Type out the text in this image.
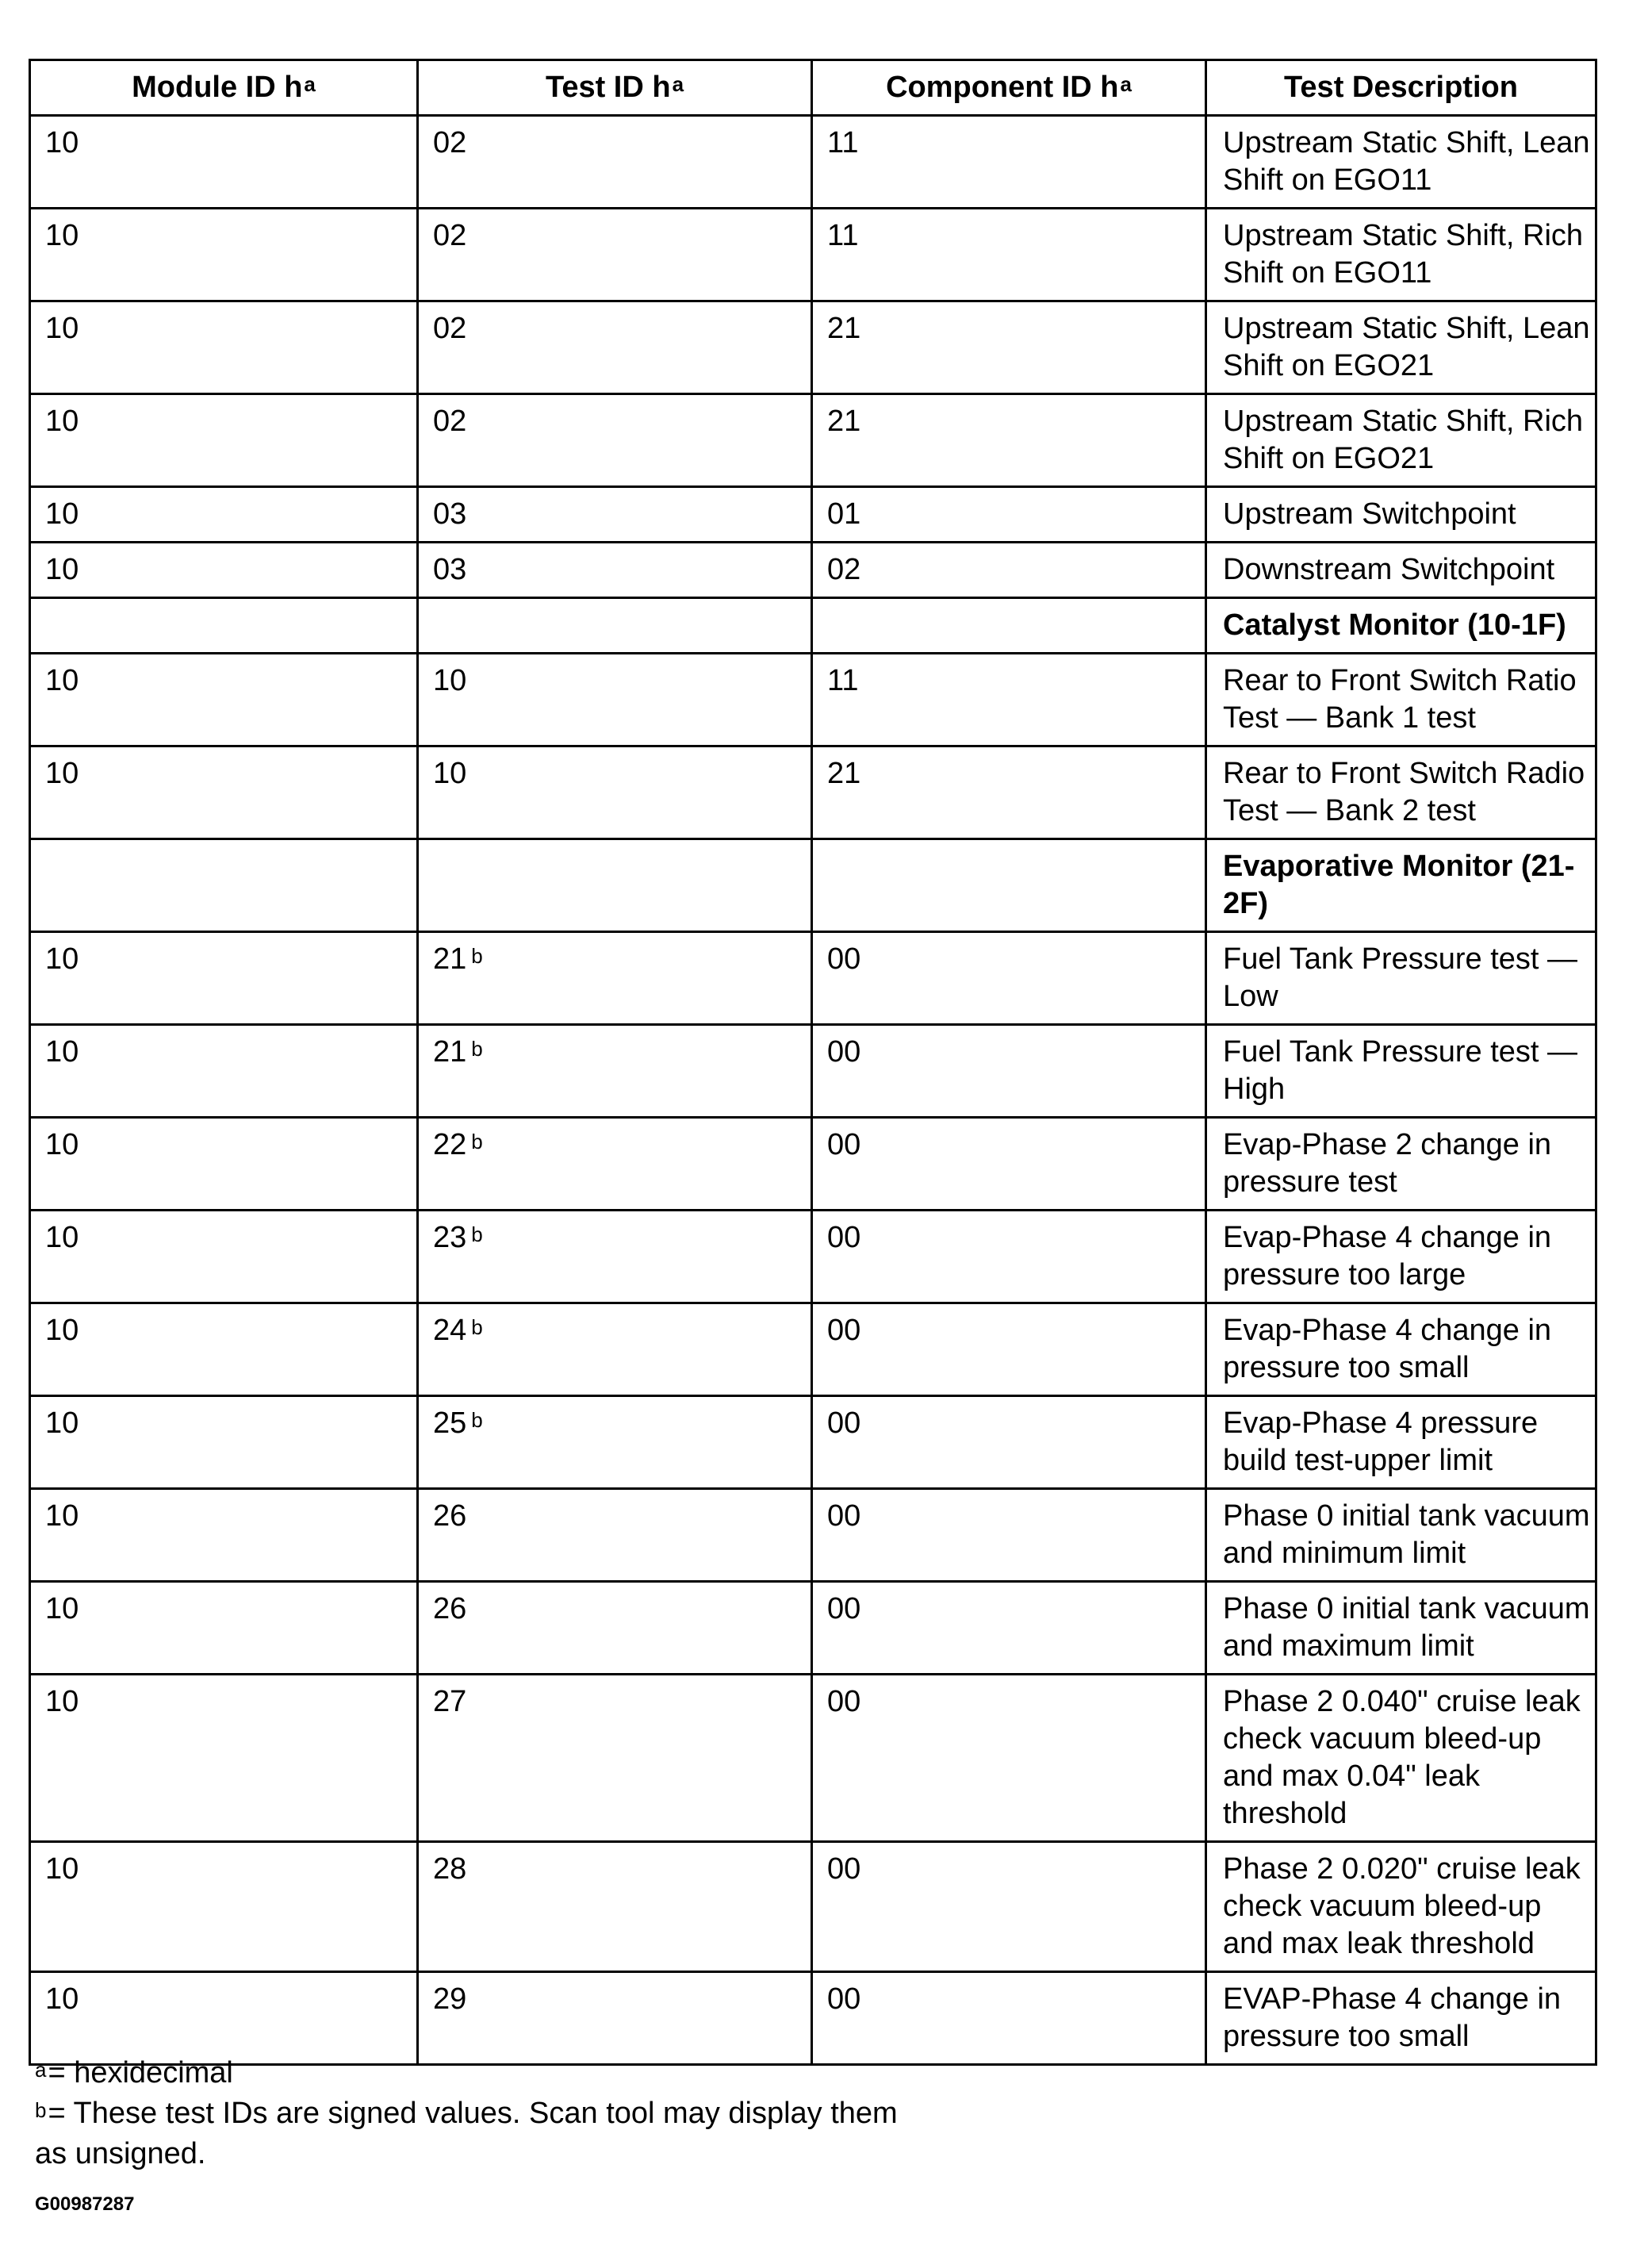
Module ID $h^a$	Test ID $h^a$	Component ID $h^a$	Test Description
10	02	11	Upstream Static Shift, Lean Shift on EGO11
10	02	11	Upstream Static Shift, Rich Shift on EGO11
10	02	21	Upstream Static Shift, Lean Shift on EGO21
10	02	21	Upstream Static Shift, Rich Shift on EGO21
10	03	01	Upstream Switchpoint
10	03	02	Downstream Switchpoint
			Catalyst Monitor (10-1F)
10	10	11	Rear to Front Switch Ratio Test — Bank 1 test
10	10	21	Rear to Front Switch Radio Test — Bank 2 test
			Evaporative Monitor (21-2F)
10	21 $^b$	00	Fuel Tank Pressure test — Low
10	21 $^b$	00	Fuel Tank Pressure test — High
10	22 $^b$	00	Evap-Phase 2 change in pressure test
10	23 $^b$	00	Evap-Phase 4 change in pressure too large
10	24 $^b$	00	Evap-Phase 4 change in pressure too small
10	25 $^b$	00	Evap-Phase 4 pressure build test-upper limit
10	26	00	Phase 0 initial tank vacuum and minimum limit
10	26	00	Phase 0 initial tank vacuum and maximum limit
10	27	00	Phase 2 0.040" cruise leak check vacuum bleed-up and max 0.04" leak threshold
10	28	00	Phase 2 0.020" cruise leak check vacuum bleed-up and max leak threshold
10	29	00	EVAP-Phase 4 change in pressure too small
$^a$= hexidecimal
$^b$= These test IDs are signed values. Scan tool may display them as unsigned.
G00987287
